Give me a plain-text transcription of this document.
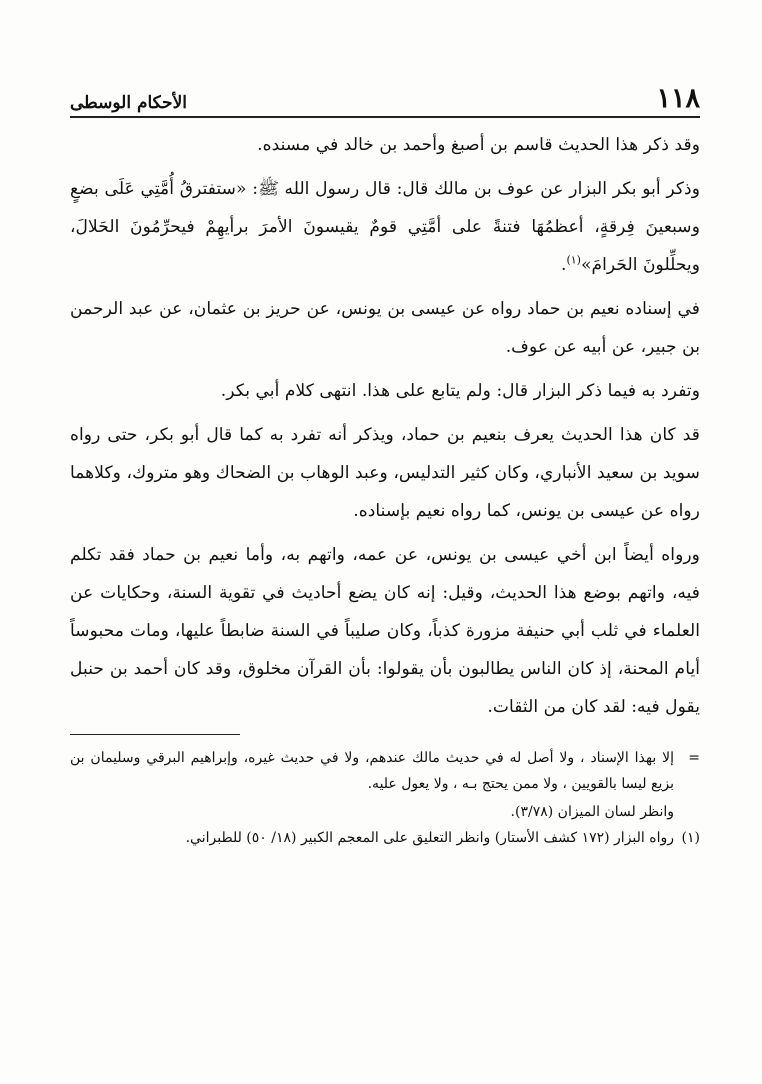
١١٨
الأحكام الوسطى

وقد ذكر هذا الحديث قاسم بن أصبغ وأحمد بن خالد في مسنده.

وذكر أبو بكر البزار عن عوف بن مالك قال: قال رسول الله ﷺ: «ستفترقُ أُمَّتِي عَلَى بضعٍ وسبعينَ فِرقةٍ، أعظمُهَا فتنةً على أمَّتِي قومٌ يقيسونَ الأمرَ برأيهِمْ فيحرِّمُونَ الحَلالَ، ويحلِّلونَ الحَرامَ»$^{(١)}$.

في إسناده نعيم بن حماد رواه عن عيسى بن يونس، عن حريز بن عثمان، عن عبد الرحمن بن جبير، عن أبيه عن عوف.

وتفرد به فيما ذكر البزار قال: ولم يتابع على هذا. انتهى كلام أبي بكر.

قد كان هذا الحديث يعرف بنعيم بن حماد، ويذكر أنه تفرد به كما قال أبو بكر، حتى رواه سويد بن سعيد الأنباري، وكان كثير التدليس، وعبد الوهاب بن الضحاك وهو متروك، وكلاهما رواه عن عيسى بن يونس، كما رواه نعيم بإسناده.

ورواه أيضاً ابن أخي عيسى بن يونس، عن عمه، واتهم به، وأما نعيم بن حماد فقد تكلم فيه، واتهم بوضع هذا الحديث، وقيل: إنه كان يضع أحاديث في تقوية السنة، وحكايات عن العلماء في ثلب أبي حنيفة مزورة كذباً، وكان صليباً في السنة ضابطاً عليها، ومات محبوساً أيام المحنة، إذ كان الناس يطالبون بأن يقولوا: بأن القرآن مخلوق، وقد كان أحمد بن حنبل يقول فيه: لقد كان من الثقات.

=
إلا بهذا الإسناد ، ولا أصل له في حديث مالك عندهم، ولا في حديث غيره، وإبراهيم البرقي وسليمان بن بزيع ليسا بالقويين ، ولا ممن يحتج بـه ، ولا يعول عليه.
وانظر لسان الميزان (٣/٧٨).
(١)
رواه البزار (١٧٢ كشف الأستار) وانظر التعليق على المعجم الكبير (١٨/ ٥٠) للطبراني.
